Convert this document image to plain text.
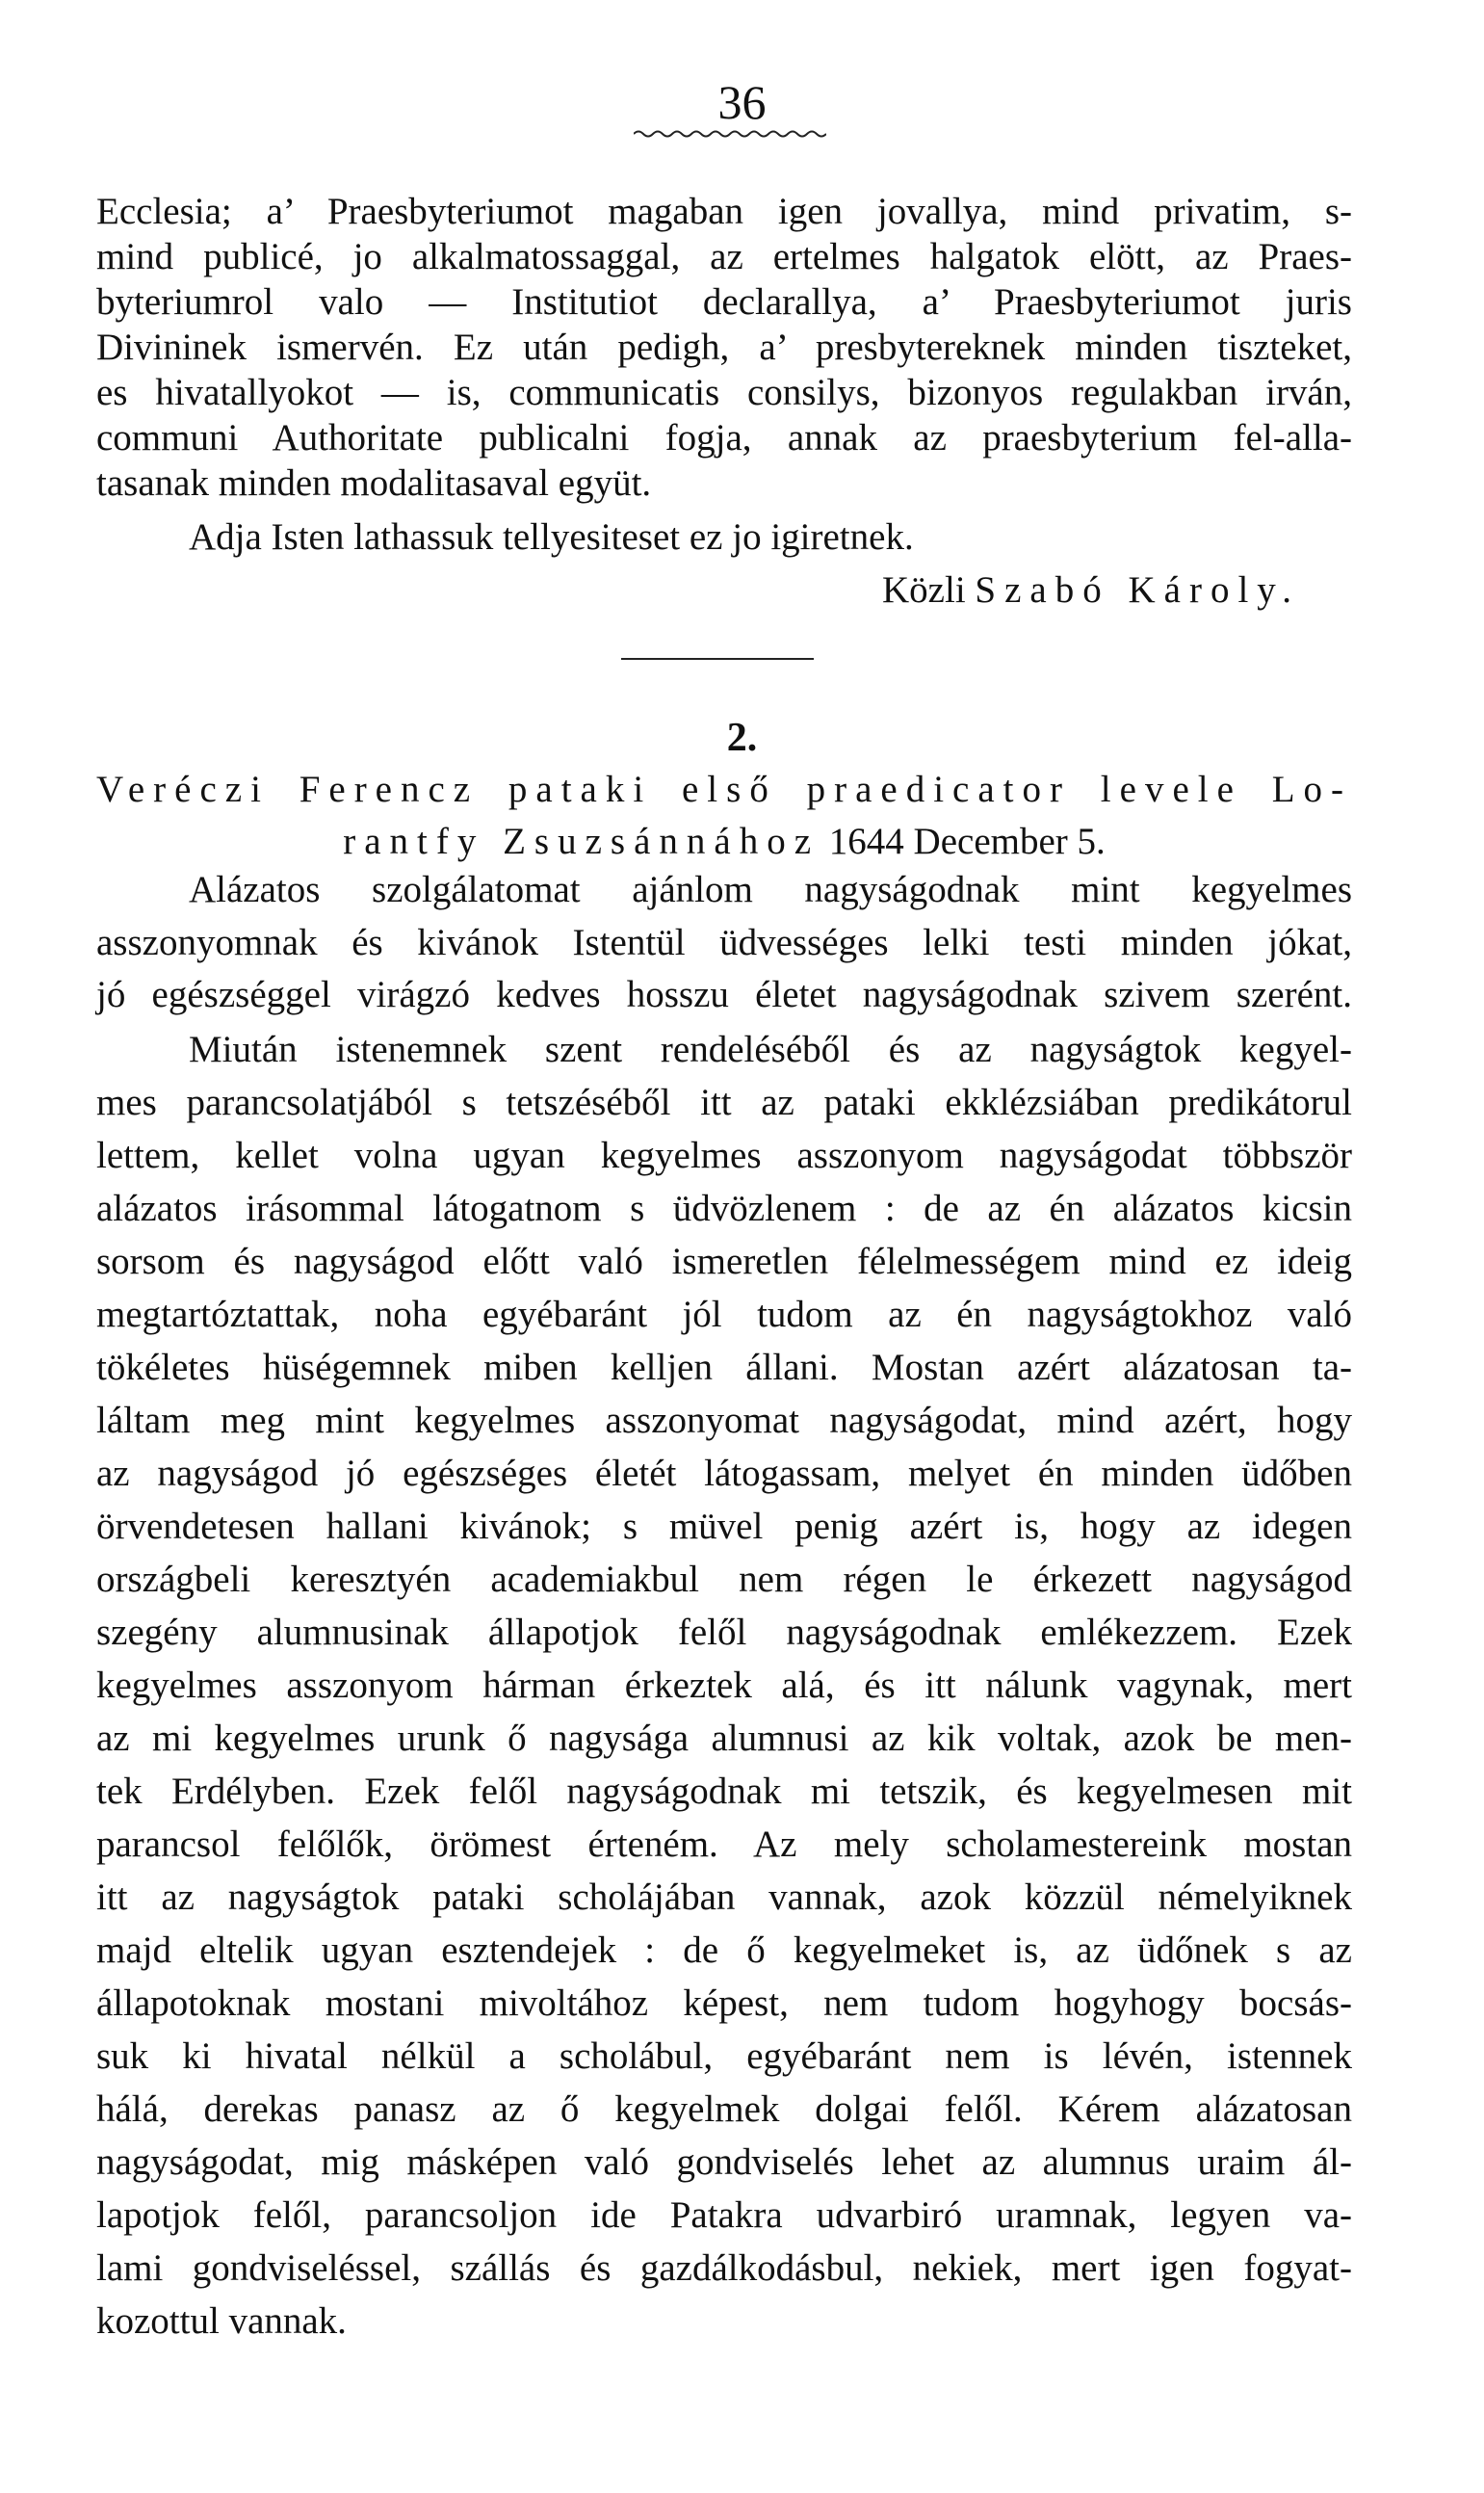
36
Ecclesia; a’ Praesbyteriumot magaban igen jovallya, mind privatim, s-
mind publicé, jo alkalmatossaggal, az ertelmes halgatok elött, az Praes-
byteriumrol valo — Institutiot declarallya, a’ Praesbyteriumot juris
Divininek ismervén. Ez után pedigh, a’ presbytereknek minden tiszteket,
es hivatallyokot — is, communicatis consilys, bizonyos regulakban irván,
communi Authoritate publicalni fogja, annak az praesbyterium fel-alla-
tasanak minden modalitasaval együt.
Adja Isten lathassuk tellyesiteset ez jo igiretnek.
Közli Szabó Károly.
2.
Veréczi Ferencz pataki első praedicator levele Lo-
rantfy Zsuzsánnához 1644 December 5.
Alázatos szolgálatomat ajánlom nagyságodnak mint kegyelmes
asszonyomnak és kivánok Istentül üdvességes lelki testi minden jókat,
jó egészséggel virágzó kedves hosszu életet nagyságodnak szivem szerént.
Miután istenemnek szent rendeléséből és az nagyságtok kegyel-
mes parancsolatjából s tetszéséből itt az pataki ekklézsiában predikátorul
lettem, kellet volna ugyan kegyelmes asszonyom nagyságodat többször
alázatos irásommal látogatnom s üdvözlenem : de az én alázatos kicsin
sorsom és nagyságod előtt való ismeretlen félelmességem mind ez ideig
megtartóztattak, noha egyébaránt jól tudom az én nagyságtokhoz való
tökéletes hüségemnek miben kelljen állani. Mostan azért alázatosan ta-
láltam meg mint kegyelmes asszonyomat nagyságodat, mind azért, hogy
az nagyságod jó egészséges életét látogassam, melyet én minden üdőben
örvendetesen hallani kivánok; s müvel penig azért is, hogy az idegen
országbeli keresztyén academiakbul nem régen le érkezett nagyságod
szegény alumnusinak állapotjok felől nagyságodnak emlékezzem. Ezek
kegyelmes asszonyom hárman érkeztek alá, és itt nálunk vagynak, mert
az mi kegyelmes urunk ő nagysága alumnusi az kik voltak, azok be men-
tek Erdélyben. Ezek felől nagyságodnak mi tetszik, és kegyelmesen mit
parancsol felőlők, örömest érteném. Az mely scholamestereink mostan
itt az nagyságtok pataki scholájában vannak, azok közzül némelyiknek
majd eltelik ugyan esztendejek : de ő kegyelmeket is, az üdőnek s az
állapotoknak mostani mivoltához képest, nem tudom hogyhogy bocsás-
suk ki hivatal nélkül a scholábul, egyébaránt nem is lévén, istennek
hálá, derekas panasz az ő kegyelmek dolgai felől. Kérem alázatosan
nagyságodat, mig másképen való gondviselés lehet az alumnus uraim ál-
lapotjok felől, parancsoljon ide Patakra udvarbiró uramnak, legyen va-
lami gondviseléssel, szállás és gazdálkodásbul, nekiek, mert igen fogyat-
kozottul vannak.
